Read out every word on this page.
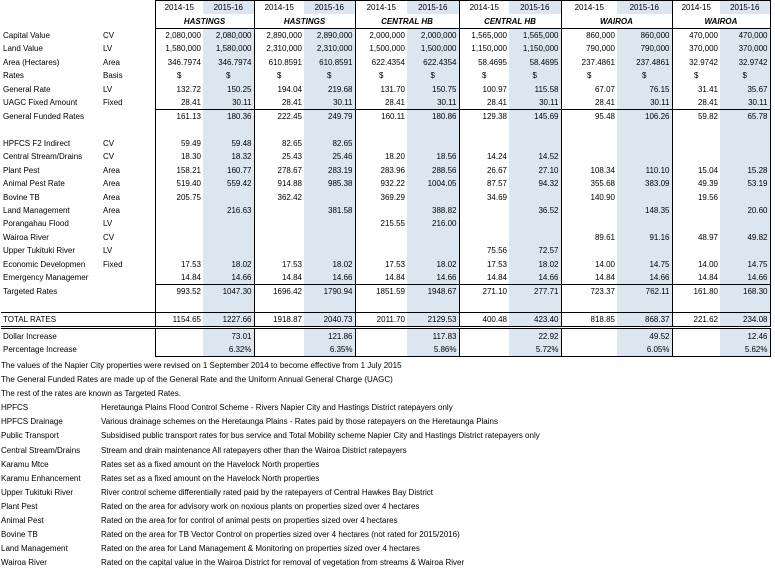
		2014-15	2015-16	2014-15	2015-16	2014-15	2015-16	2014-15	2015-16	2014-15	2015-16	2014-15	2015-16
		HASTINGS		HASTINGS		CENTRAL HB		CENTRAL HB		WAIROA		WAIROA	
Capital Value	CV	2,080,000	2,080,000	2,890,000	2,890,000	2,000,000	2,000,000	1,565,000	1,565,000	860,000	860,000	470,000	470,000
Land Value	LV	1,580,000	1,580,000	2,310,000	2,310,000	1,500,000	1,500,000	1,150,000	1,150,000	790,000	790,000	370,000	370,000
Area (Hectares)	Area	346.7974	346.7974	610.8591	610.8591	622.4354	622.4354	58.4695	58.4695	237.4861	237.4861	32.9742	32.9742
Rates	Basis	$	$	$	$	$	$	$	$	$	$	$	$
General Rate	LV	132.72	150.25	194.04	219.68	131.70	150.75	100.97	115.58	67.07	76.15	31.41	35.67
UAGC Fixed Amount	Fixed	28.41	30.11	28.41	30.11	28.41	30.11	28.41	30.11	28.41	30.11	28.41	30.11
General Funded Rates		161.13	180.36	222.45	249.79	160.11	180.86	129.38	145.69	95.48	106.26	59.82	65.78

HPFCS F2 Indirect	CV	59.49	59.48	82.65	82.65								
Central Stream/Drains	CV	18.30	18.32	25.43	25.46	18.20	18.56	14.24	14.52				
Plant Pest	Area	158.21	160.77	278.67	283.19	283.96	288.56	26.67	27.10	108.34	110.10	15.04	15.28
Animal Pest Rate	Area	519.40	559.42	914.88	985.38	932.22	1004.05	87.57	94.32	355.68	383.09	49.39	53.19
Bovine TB	Area	205.75		362.42		369.29		34.69		140.90		19.56	
Land Management	Area		216.63		381.58		388.82		36.52		148.35		20.60
Porangahau Flood	LV					215.55	216.00						
Wairoa River	CV									89.61	91.16	48.97	49.82
Upper Tukituki River	LV							75.56	72.57				
Economic Developmen	Fixed	17.53	18.02	17.53	18.02	17.53	18.02	17.53	18.02	14.00	14.75	14.00	14.75
Emergency Managemer		14.84	14.66	14.84	14.66	14.84	14.66	14.84	14.66	14.84	14.66	14.84	14.66
Targeted Rates		993.52	1047.30	1696.42	1790.94	1851.59	1948.67	271.10	277.71	723.37	762.11	161.80	168.30

TOTAL RATES		1154.65	1227.66	1918.87	2040.73	2011.70	2129.53	400.48	423.40	818.85	868.37	221.62	234.08
Dollar Increase			73.01		121.86		117.83		22.92		49.52		12.46
Percentage Increase			6.32%		6.35%		5.86%		5.72%		6.05%		5.62%
The values of the Napier City properties were revised on 1 September 2014 to become effective from 1 July 2015
The General Funded Rates are made up of the General Rate and the Uniform Annual General Charge (UAGC)
The rest of the rates are known as Targeted Rates.
HPFCS	Heretaunga Plains Flood Control Scheme - Rivers Napier City and Hastings District ratepayers only
HPFCS Drainage	Various drainage schemes on the Heretaunga Plains - Rates paid by those ratepayers on the Heretaunga Plains
Public Transport	Subsidised public transport rates for bus service and Total Mobility scheme Napier City and Hastings District ratepayers only
Central Stream/Drains	Stream and drain maintenance All ratepayers other than the Wairoa District ratepayers
Karamu Mtce	Rates set as a fixed amount on the Havelock North properties
Karamu Enhancement	Rates set as a fixed amount on the Havelock North properties
Upper Tukituki River	River control scheme differentially rated paid by the ratepayers of Central Hawkes Bay District
Plant Pest	Rated on the area for advisory work on noxious plants on properties sized over 4 hectares
Animal Pest	Rated on the area for for control of animal pests on properties sized over 4 hectares
Bovine TB	Rated on the area for TB Vector Control on properties sized over 4 hectares (not rated for 2015/2016)
Land Management	Rated on the area for Land Management & Monitoring on properties sized over 4 hectares
Wairoa River	Rated on the capital value in the Wairoa District for removal of vegetation from streams & Wairoa River
